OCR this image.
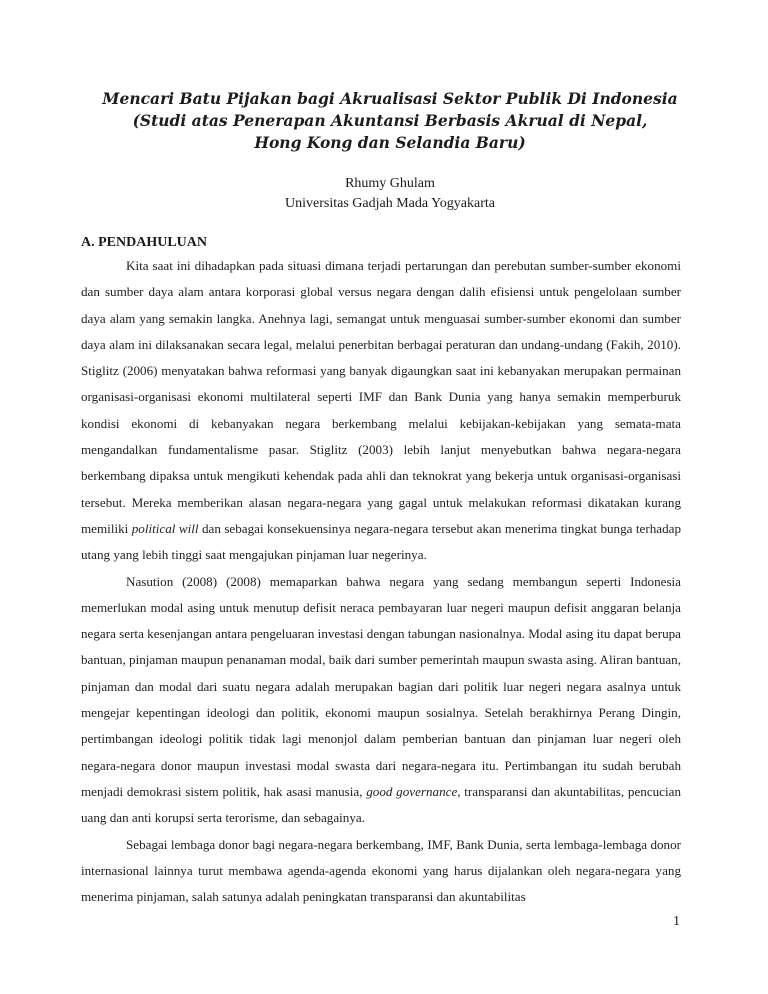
Mencari Batu Pijakan bagi Akrualisasi Sektor Publik Di Indonesia
(Studi atas Penerapan Akuntansi Berbasis Akrual di Nepal,
Hong Kong dan Selandia Baru)
Rhumy Ghulam
Universitas Gadjah Mada Yogyakarta
A. PENDAHULUAN

Kita saat ini dihadapkan pada situasi dimana terjadi pertarungan dan perebutan sumber-sumber ekonomi dan sumber daya alam antara korporasi global versus negara dengan dalih efisiensi untuk pengelolaan sumber daya alam yang semakin langka. Anehnya lagi, semangat untuk menguasai sumber-sumber ekonomi dan sumber daya alam ini dilaksanakan secara legal, melalui penerbitan berbagai peraturan dan undang-undang (Fakih, 2010). Stiglitz (2006) menyatakan bahwa reformasi yang banyak digaungkan saat ini kebanyakan merupakan permainan organisasi-organisasi ekonomi multilateral seperti IMF dan Bank Dunia yang hanya semakin memperburuk kondisi ekonomi di kebanyakan negara berkembang melalui kebijakan-kebijakan yang semata-mata mengandalkan fundamentalisme pasar. Stiglitz (2003) lebih lanjut menyebutkan bahwa negara-negara berkembang dipaksa untuk mengikuti kehendak pada ahli dan teknokrat yang bekerja untuk organisasi-organisasi tersebut. Mereka memberikan alasan negara-negara yang gagal untuk melakukan reformasi dikatakan kurang memiliki political will dan sebagai konsekuensinya negara-negara tersebut akan menerima tingkat bunga terhadap utang yang lebih tinggi saat mengajukan pinjaman luar negerinya.

Nasution (2008) (2008) memaparkan bahwa negara yang sedang membangun seperti Indonesia memerlukan modal asing untuk menutup defisit neraca pembayaran luar negeri maupun defisit anggaran belanja negara serta kesenjangan antara pengeluaran investasi dengan tabungan nasionalnya. Modal asing itu dapat berupa bantuan, pinjaman maupun penanaman modal, baik dari sumber pemerintah maupun swasta asing. Aliran bantuan, pinjaman dan modal dari suatu negara adalah merupakan bagian dari politik luar negeri negara asalnya untuk mengejar kepentingan ideologi dan politik, ekonomi maupun sosialnya. Setelah berakhirnya Perang Dingin, pertimbangan ideologi politik tidak lagi menonjol dalam pemberian bantuan dan pinjaman luar negeri oleh negara-negara donor maupun investasi modal swasta dari negara-negara itu. Pertimbangan itu sudah berubah menjadi demokrasi sistem politik, hak asasi manusia, good governance, transparansi dan akuntabilitas, pencucian uang dan anti korupsi serta terorisme, dan sebagainya.

Sebagai lembaga donor bagi negara-negara berkembang, IMF, Bank Dunia, serta lembaga-lembaga donor internasional lainnya turut membawa agenda-agenda ekonomi yang harus dijalankan oleh negara-negara yang menerima pinjaman, salah satunya adalah peningkatan transparansi dan akuntabilitas

1
